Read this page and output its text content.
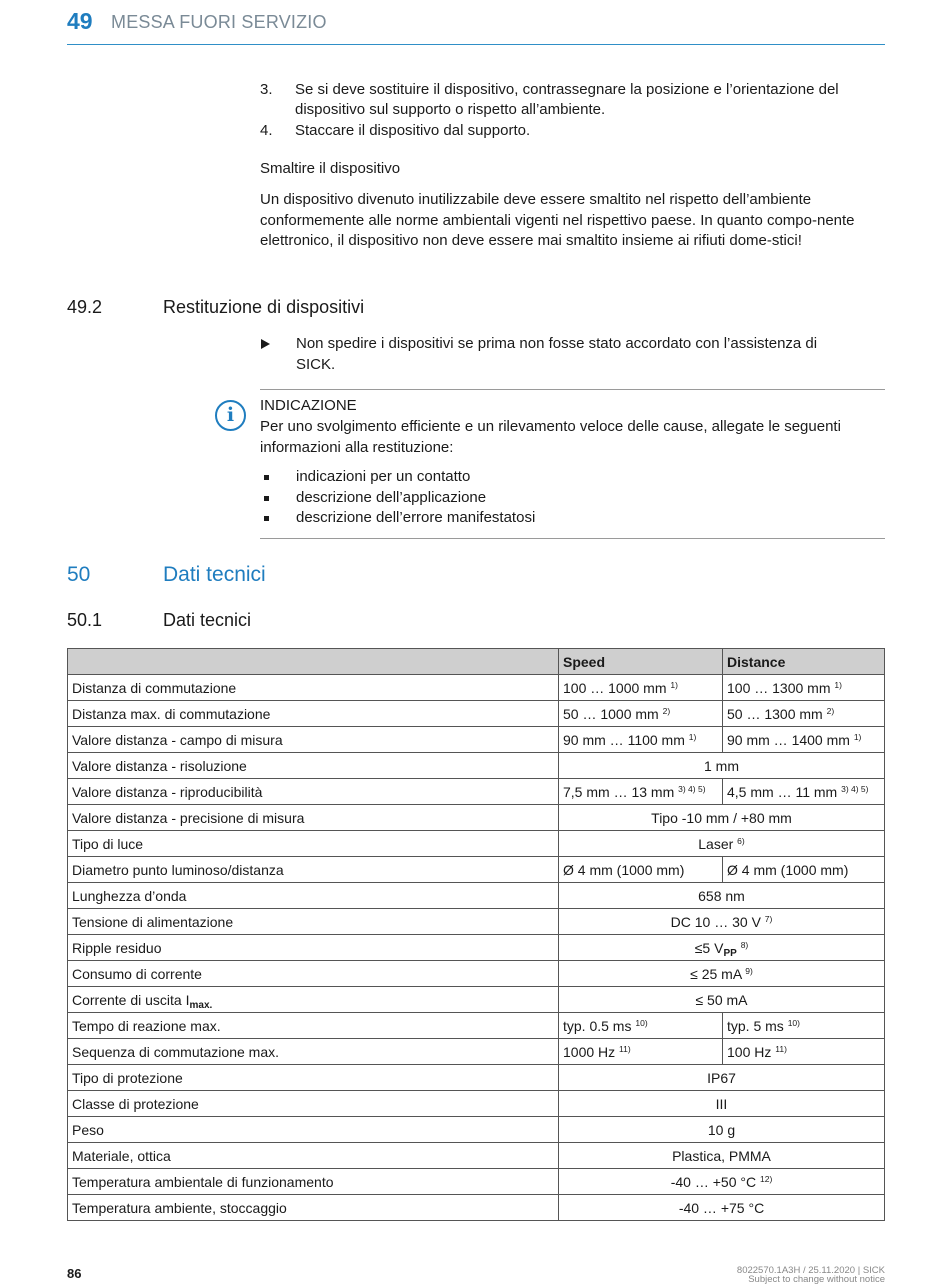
49 MESSA FUORI SERVIZIO
3. Se si deve sostituire il dispositivo, contrassegnare la posizione e l’orientazione del dispositivo sul supporto o rispetto all’ambiente.
4. Staccare il dispositivo dal supporto.
Smaltire il dispositivo
Un dispositivo divenuto inutilizzabile deve essere smaltito nel rispetto dell’ambiente conformemente alle norme ambientali vigenti nel rispettivo paese. In quanto compo-nente elettronico, il dispositivo non deve essere mai smaltito insieme ai rifiuti dome-stici!
49.2	Restituzione di dispositivi
Non spedire i dispositivi se prima non fosse stato accordato con l’assistenza di SICK.
i	INDICAZIONE
Per uno svolgimento efficiente e un rilevamento veloce delle cause, allegate le seguenti informazioni alla restituzione:
indicazioni per un contatto
descrizione dell’applicazione
descrizione dell’errore manifestatosi
50	Dati tecnici
50.1	Dati tecnici
	Speed	Distance
Distanza di commutazione	100 … 1000 mm $^{1)}$	100 … 1300 mm $^{1)}$
Distanza max. di commutazione	50 … 1000 mm $^{2)}$	50 … 1300 mm $^{2)}$
Valore distanza - campo di misura	90 mm … 1100 mm $^{1)}$	90 mm … 1400 mm $^{1)}$
Valore distanza - risoluzione	1 mm	
Valore distanza - riproducibilità	7,5 mm … 13 mm $^{3) 4) 5)}$	4,5 mm … 11 mm $^{3) 4) 5)}$
Valore distanza - precisione di misura	Tipo -10 mm / +80 mm	
Tipo di luce	Laser $^{6)}$
Diametro punto luminoso/distanza	Ø 4 mm (1000 mm)	Ø 4 mm (1000 mm)
Lunghezza d’onda	658 nm	
Tensione di alimentazione	DC 10 … 30 V $^{7)}$
Ripple residuo	≤5 $V_{PP}$ $^{8)}$
Consumo di corrente	≤ 25 mA $^{9)}$
Corrente di uscita $I_{max.}$	≤ 50 mA	
Tempo di reazione max.	typ. 0.5 ms $^{10)}$	typ. 5 ms $^{10)}$
Sequenza di commutazione max.	1000 Hz $^{11)}$	100 Hz $^{11)}$
Tipo di protezione	IP67	
Classe di protezione	III	
Peso	10 g	
Materiale, ottica	Plastica, PMMA	
Temperatura ambientale di funzionamento	-40 … +50 °C $^{12)}$
Temperatura ambiente, stoccaggio	-40 … +75 °C	
86	8022570.1A3H / 25.11.2020 | SICK
Subject to change without notice
